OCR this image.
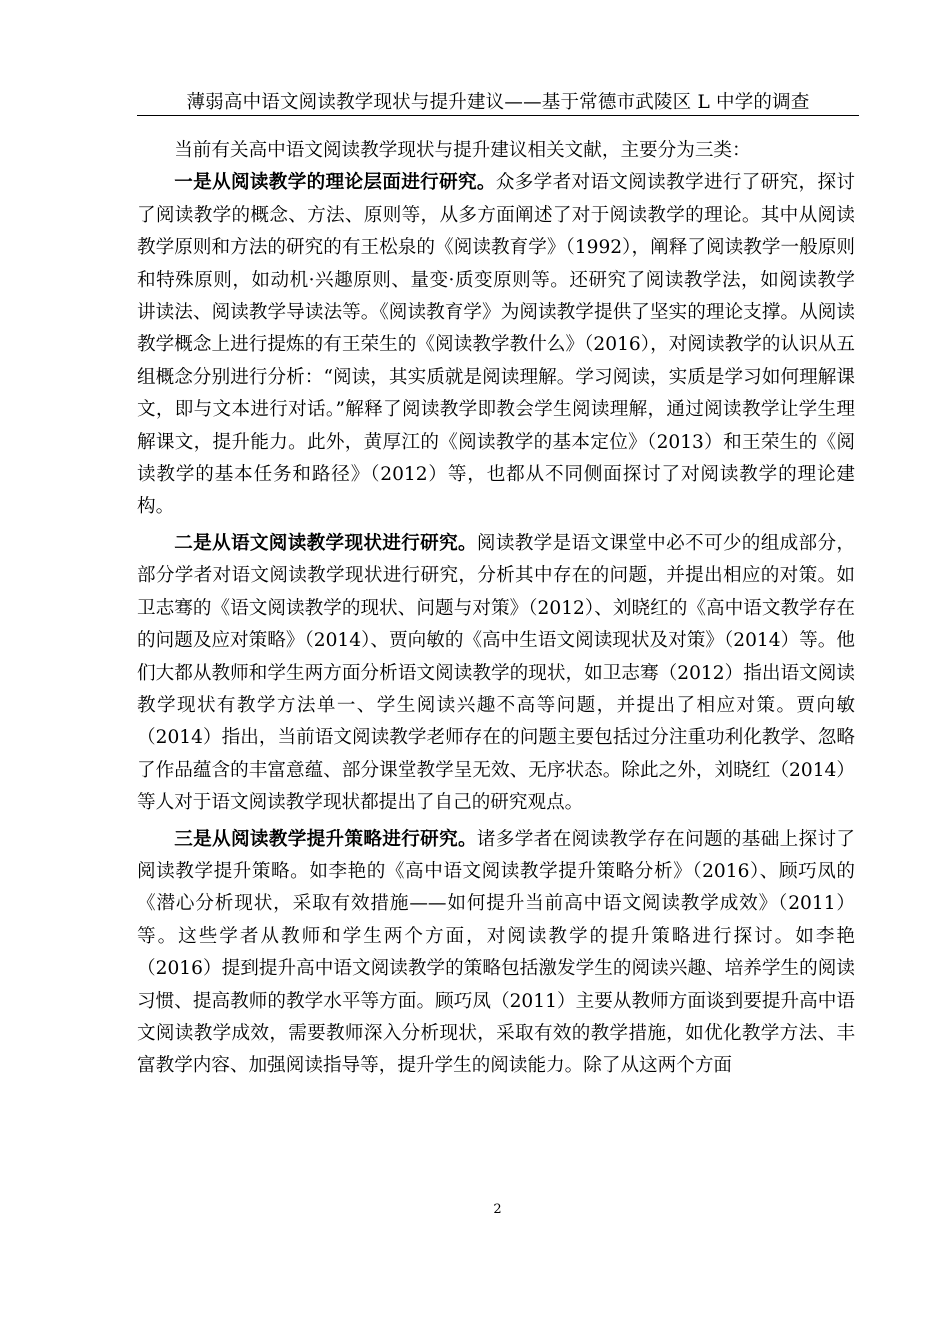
薄弱高中语文阅读教学现状与提升建议——基于常德市武陵区 L 中学的调查

当前有关高中语文阅读教学现状与提升建议相关文献，主要分为三类：

一是从阅读教学的理论层面进行研究。众多学者对语文阅读教学进行了研究，探讨了阅读教学的概念、方法、原则等，从多方面阐述了对于阅读教学的理论。其中从阅读教学原则和方法的研究的有王松泉的《阅读教育学》（1992），阐释了阅读教学一般原则和特殊原则，如动机·兴趣原则、量变·质变原则等。还研究了阅读教学法，如阅读教学讲读法、阅读教学导读法等。《阅读教育学》为阅读教学提供了坚实的理论支撑。从阅读教学概念上进行提炼的有王荣生的《阅读教学教什么》（2016），对阅读教学的认识从五组概念分别进行分析：“阅读，其实质就是阅读理解。学习阅读，实质是学习如何理解课文，即与文本进行对话。”解释了阅读教学即教会学生阅读理解，通过阅读教学让学生理解课文，提升能力。此外，黄厚江的《阅读教学的基本定位》（2013）和王荣生的《阅读教学的基本任务和路径》（2012）等，也都从不同侧面探讨了对阅读教学的理论建构。

二是从语文阅读教学现状进行研究。阅读教学是语文课堂中必不可少的组成部分，部分学者对语文阅读教学现状进行研究，分析其中存在的问题，并提出相应的对策。如卫志骞的《语文阅读教学的现状、问题与对策》（2012）、刘晓红的《高中语文教学存在的问题及应对策略》（2014）、贾向敏的《高中生语文阅读现状及对策》（2014）等。他们大都从教师和学生两方面分析语文阅读教学的现状，如卫志骞（2012）指出语文阅读教学现状有教学方法单一、学生阅读兴趣不高等问题，并提出了相应对策。贾向敏（2014）指出，当前语文阅读教学老师存在的问题主要包括过分注重功利化教学、忽略了作品蕴含的丰富意蕴、部分课堂教学呈无效、无序状态。除此之外，刘晓红（2014）等人对于语文阅读教学现状都提出了自己的研究观点。

三是从阅读教学提升策略进行研究。诸多学者在阅读教学存在问题的基础上探讨了阅读教学提升策略。如李艳的《高中语文阅读教学提升策略分析》（2016）、顾巧凤的《潜心分析现状，采取有效措施——如何提升当前高中语文阅读教学成效》（2011）等。这些学者从教师和学生两个方面，对阅读教学的提升策略进行探讨。如李艳（2016）提到提升高中语文阅读教学的策略包括激发学生的阅读兴趣、培养学生的阅读习惯、提高教师的教学水平等方面。顾巧凤（2011）主要从教师方面谈到要提升高中语文阅读教学成效，需要教师深入分析现状，采取有效的教学措施，如优化教学方法、丰富教学内容、加强阅读指导等，提升学生的阅读能力。除了从这两个方面

2
